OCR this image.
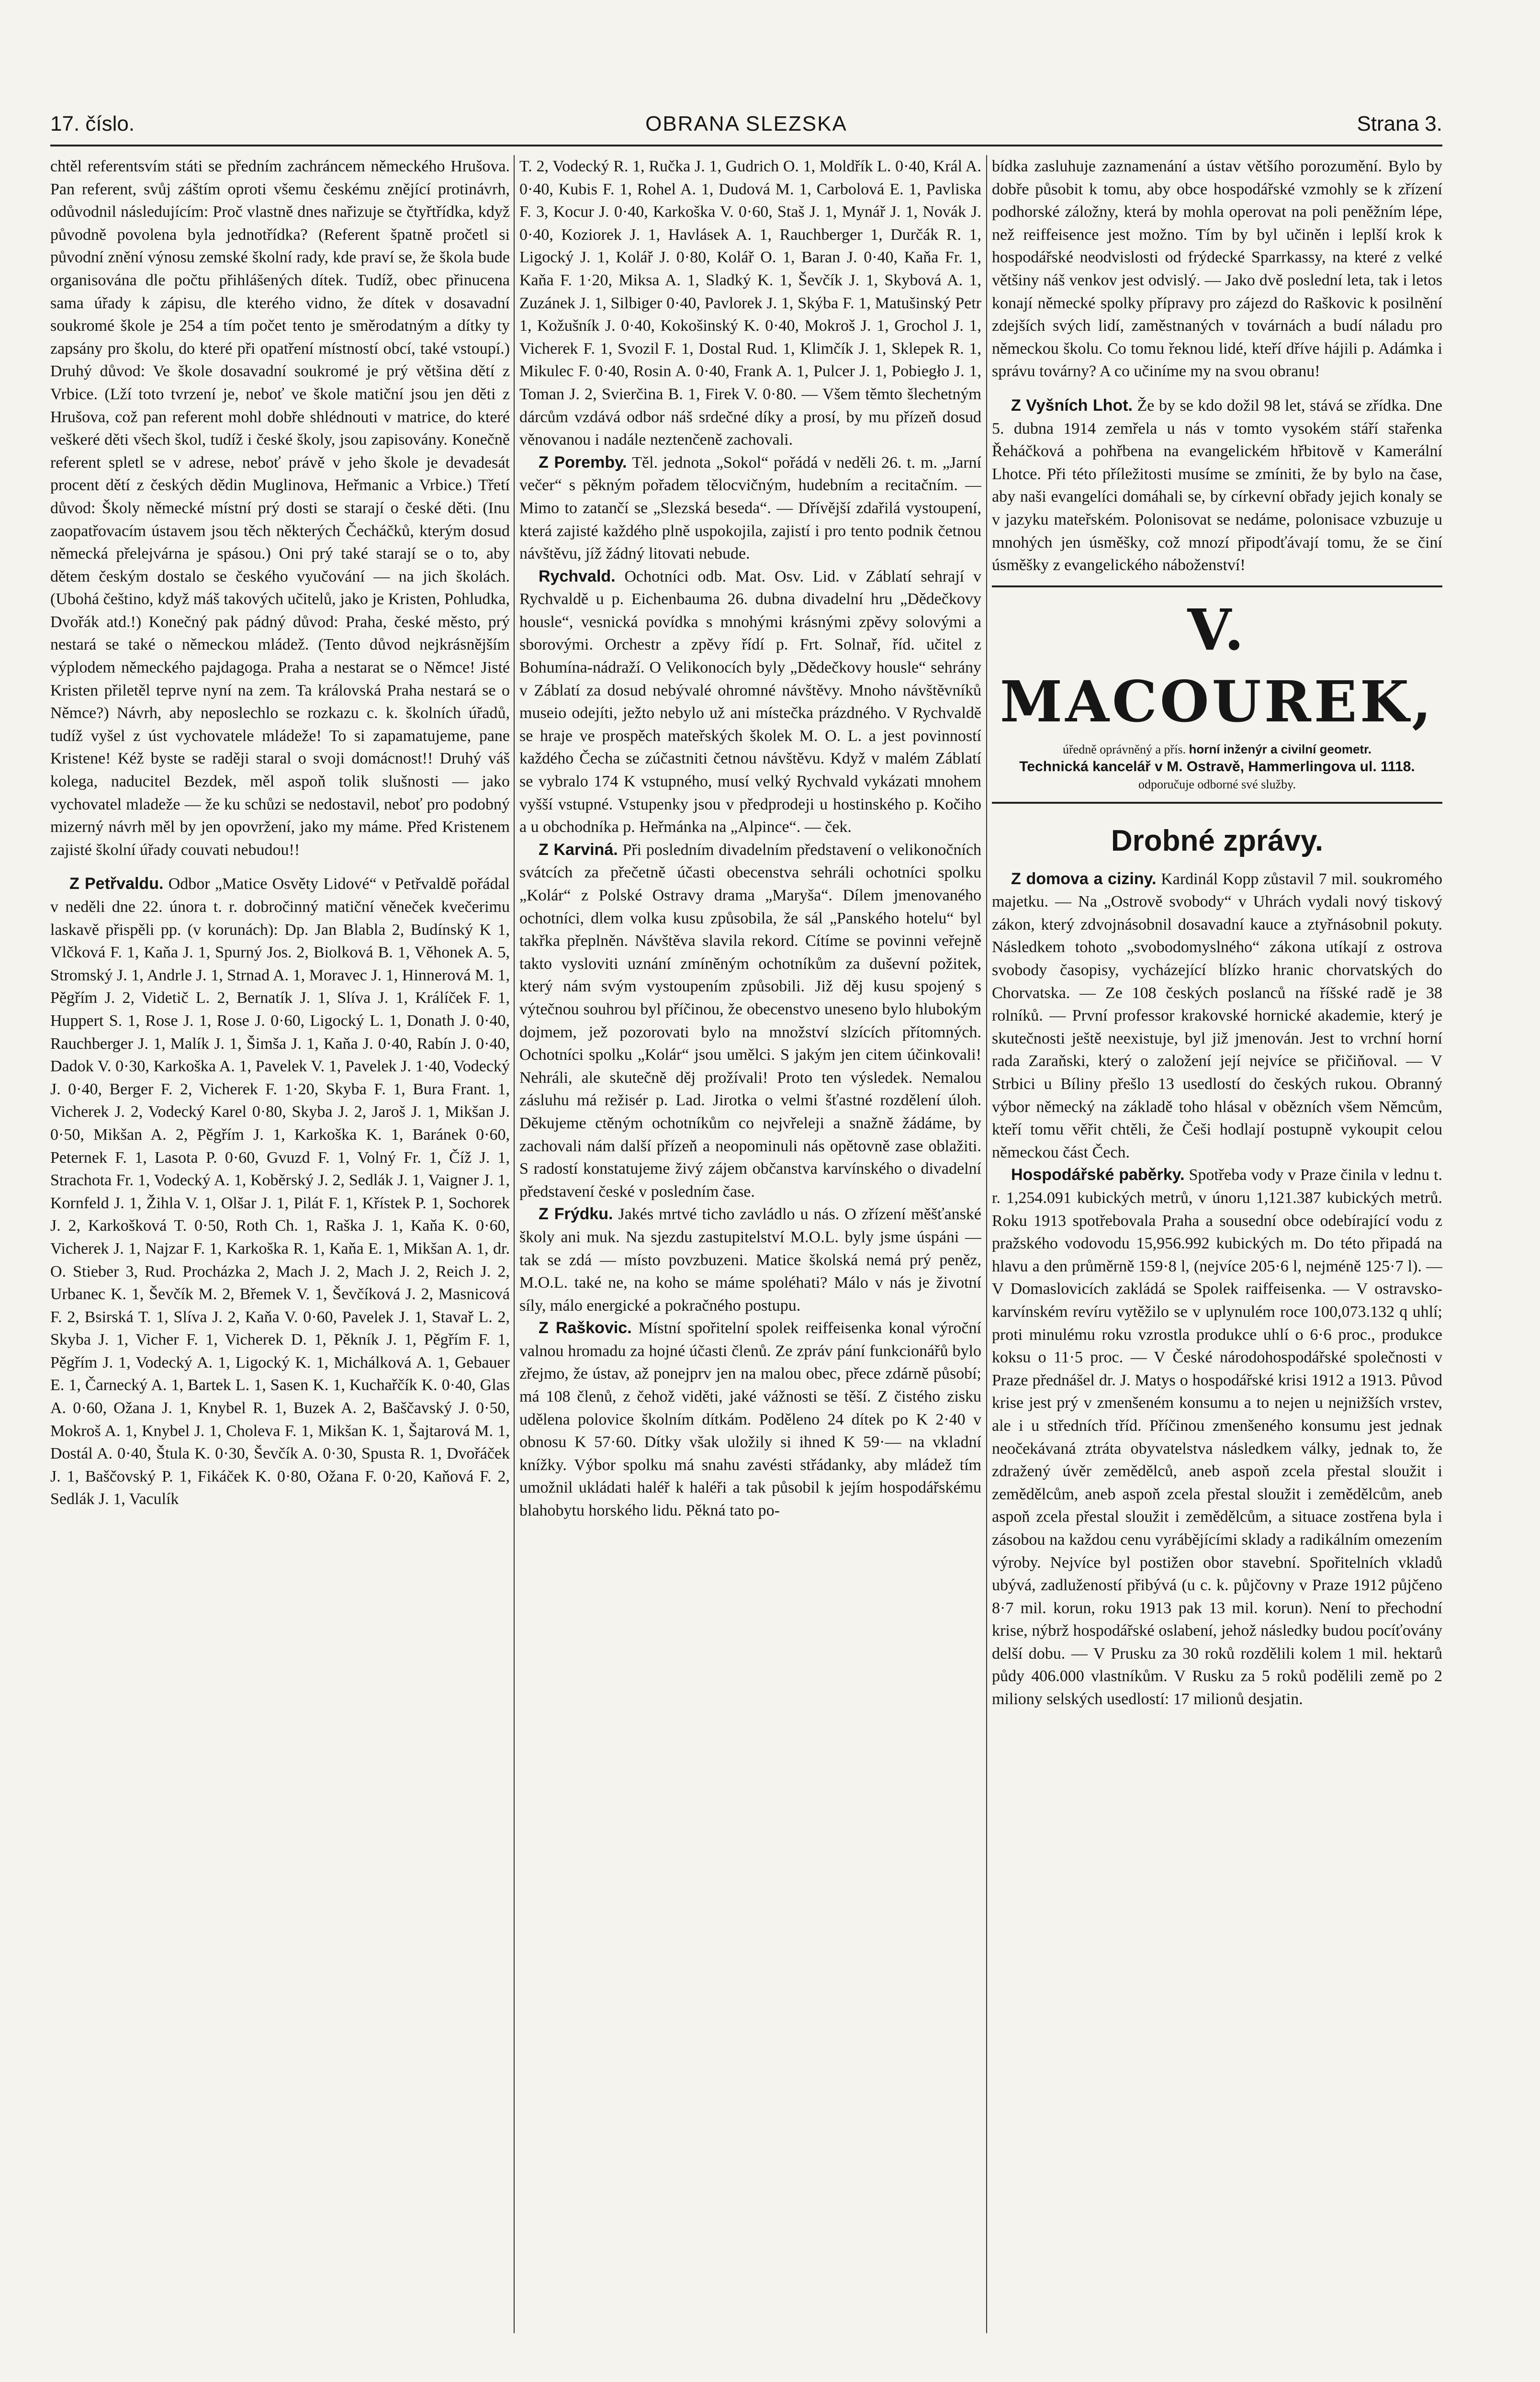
17. číslo.	OBRANA SLEZSKA	Strana 3.

chtěl referentsvím státi se předním zachráncem německého Hrušova. Pan referent, svůj záštím oproti všemu českému znějící protinávrh, odůvodnil následujícím: Proč vlastně dnes nařizuje se čtyřtřídka, když původně povolena byla jednotřídka? (Referent špatně pročetl si původní znění výnosu zemské školní rady, kde praví se, že škola bude organisována dle počtu přihlášených dítek. Tudíž, obec přinucena sama úřady k zápisu, dle kterého vidno, že dítek v dosavadní soukromé škole je 254 a tím počet tento je směrodatným a dítky ty zapsány pro školu, do které při opatření místností obcí, také vstoupí.) Druhý důvod: Ve škole dosavadní soukromé je prý většina dětí z Vrbice. (Lží toto tvrzení je, neboť ve škole matiční jsou jen děti z Hrušova, což pan referent mohl dobře shlédnouti v matrice, do které veškeré děti všech škol, tudíž i české školy, jsou zapisovány. Konečně referent spletl se v adrese, neboť právě v jeho škole je devadesát procent dětí z českých dědin Muglinova, Heřmanic a Vrbice.) Třetí důvod: Školy německé místní prý dosti se starají o české děti. (Inu zaopatřovacím ústavem jsou těch některých Čecháčků, kterým dosud německá přelejvárna je spásou.) Oni prý také starají se o to, aby dětem českým dostalo se českého vyučování — na jich školách. (Ubohá češtino, když máš takových učitelů, jako je Kristen, Pohludka, Dvořák atd.!) Konečný pak pádný důvod: Praha, české město, prý nestará se také o německou mládež. (Tento důvod nejkrásnějším výplodem německého pajdagoga. Praha a nestarat se o Němce! Jisté Kristen přiletěl teprve nyní na zem. Ta královská Praha nestará se o Němce?) Návrh, aby neposlechlo se rozkazu c. k. školních úřadů, tudíž vyšel z úst vychovatele mládeže! To si zapamatujeme, pane Kristene! Kéž byste se raději staral o svoji domácnost!! Druhý váš kolega, naducitel Bezdek, měl aspoň tolik slušnosti — jako vychovatel mladeže — že ku schůzi se nedostavil, neboť pro podobný mizerný návrh měl by jen opovržení, jako my máme. Před Kristenem zajisté školní úřady couvati nebudou!!

Z Petřvaldu. Odbor „Matice Osvěty Lidové“ v Petřvaldě pořádal v neděli dne 22. února t. r. dobročinný matiční věneček kvečerimu laskavě přispěli pp. (v korunách): Dp. Jan Blabla 2, Budínský K 1, Vlčková F. 1, Kaňa J. 1, Spurný Jos. 2, Biolková B. 1, Věhonek A. 5, Stromský J. 1, Andrle J. 1, Strnad A. 1, Moravec J. 1, Hinnerová M. 1, Pěgřím J. 2, Videtič L. 2, Bernatík J. 1, Slíva J. 1, Králíček F. 1, Huppert S. 1, Rose J. 1, Rose J. 0·60, Ligocký L. 1, Donath J. 0·40, Rauchberger J. 1, Malík J. 1, Šimša J. 1, Kaňa J. 0·40, Rabín J. 0·40, Dadok V. 0·30, Karkoška A. 1, Pavelek V. 1, Pavelek J. 1·40, Vodecký J. 0·40, Berger F. 2, Vicherek F. 1·20, Skyba F. 1, Bura Frant. 1, Vicherek J. 2, Vodecký Karel 0·80, Skyba J. 2, Jaroš J. 1, Mikšan J. 0·50, Mikšan A. 2, Pěgřím J. 1, Karkoška K. 1, Baránek 0·60, Peternek F. 1, Lasota P. 0·60, Gvuzd F. 1, Volný Fr. 1, Číž J. 1, Strachota Fr. 1, Vodecký A. 1, Koběrský J. 2, Sedlák J. 1, Vaigner J. 1, Kornfeld J. 1, Žihla V. 1, Olšar J. 1, Pilát F. 1, Křístek P. 1, Sochorek J. 2, Karkošková T. 0·50, Roth Ch. 1, Raška J. 1, Kaňa K. 0·60, Vicherek J. 1, Najzar F. 1, Karkoška R. 1, Kaňa E. 1, Mikšan A. 1, dr. O. Stieber 3, Rud. Procházka 2, Mach J. 2, Mach J. 2, Reich J. 2, Urbanec K. 1, Ševčík M. 2, Břemek V. 1, Ševčíková J. 2, Masnicová F. 2, Bsirská T. 1, Slíva J. 2, Kaňa V. 0·60, Pavelek J. 1, Stavař L. 2, Skyba J. 1, Vicher F. 1, Vicherek D. 1, Pěkník J. 1, Pěgřím F. 1, Pěgřím J. 1, Vodecký A. 1, Ligocký K. 1, Michálková A. 1, Gebauer E. 1, Čarnecký A. 1, Bartek L. 1, Sasen K. 1, Kuchařčík K. 0·40, Glas A. 0·60, Ožana J. 1, Knybel R. 1, Buzek A. 2, Baščavský J. 0·50, Mokroš A. 1, Knybel J. 1, Choleva F. 1, Mikšan K. 1, Šajtarová M. 1, Dostál A. 0·40, Štula K. 0·30, Ševčík A. 0·30, Spusta R. 1, Dvořáček J. 1, Baščovský P. 1, Fikáček K. 0·80, Ožana F. 0·20, Kaňová F. 2, Sedlák J. 1, Vaculík

T. 2, Vodecký R. 1, Ručka J. 1, Gudrich O. 1, Moldřík L. 0·40, Král A. 0·40, Kubis F. 1, Rohel A. 1, Dudová M. 1, Carbolová E. 1, Pavliska F. 3, Kocur J. 0·40, Karkoška V. 0·60, Staš J. 1, Mynář J. 1, Novák J. 0·40, Koziorek J. 1, Havlásek A. 1, Rauchberger 1, Durčák R. 1, Ligocký J. 1, Kolář J. 0·80, Kolář O. 1, Baran J. 0·40, Kaňa Fr. 1, Kaňa F. 1·20, Miksa A. 1, Sladký K. 1, Ševčík J. 1, Skybová A. 1, Zuzánek J. 1, Silbiger 0·40, Pavlorek J. 1, Skýba F. 1, Matušinský Petr 1, Kožušník J. 0·40, Kokošinský K. 0·40, Mokroš J. 1, Grochol J. 1, Vicherek F. 1, Svozil F. 1, Dostal Rud. 1, Klimčík J. 1, Sklepek R. 1, Mikulec F. 0·40, Rosin A. 0·40, Frank A. 1, Pulcer J. 1, Pobiegło J. 1, Toman J. 2, Svierčina B. 1, Firek V. 0·80. — Všem těmto šlechetným dárcům vzdává odbor náš srdečné díky a prosí, by mu přízeň dosud věnovanou i nadále neztenčeně zachovali.

Z Porembу. Těl. jednota „Sokol“ pořádá v neděli 26. t. m. „Jarní večer“ s pěkným pořadem tělocvičným, hudebním a recitačním. — Mimo to zatančí se „Slezská beseda“. — Dřívější zdařilá vystoupení, která zajisté každého plně uspokojila, zajistí i pro tento podnik četnou návštěvu, jíž žádný litovati nebude.

Rychvald. Ochotníci odb. Mat. Osv. Lid. v Záblatí sehrají v Rychvaldě u p. Eichenbauma 26. dubna divadelní hru „Dědečkovy housle“, vesnická povídka s mnohými krásnými zpěvy solovými a sborovými. Orchestr a zpěvy řídí p. Frt. Solnař, říd. učitel z Bohumína-nádraží. O Velikonocích byly „Dědečkovy housle“ sehrány v Záblatí za dosud nebývalé ohromné návštěvy. Mnoho návštěvníků museio odejíti, ježto nebylo už ani místečka prázdného. V Rychvaldě se hraje ve prospěch mateřských školek M. O. L. a jest povinností každého Čecha se zúčastniti četnou návštěvu. Když v malém Záblatí se vybralo 174 K vstupného, musí velký Rychvald vykázati mnohem vyšší vstupné. Vstupenky jsou v předprodeji u hostinského p. Kočiho a u obchodníka p. Heřmánka na „Alpince“. — ček.

Z Karviná. Při posledním divadelním představení o velikonočních svátcích za přečetně účasti obecenstva sehráli ochotníci spolku „Kolár“ z Polské Ostravy drama „Maryša“. Dílem jmenovaného ochotníci, dlem volka kusu způsobila, že sál „Panského hotelu“ byl takřka přeplněn. Návštěva slavila rekord. Cítíme se povinni veřejně takto vysloviti uznání zmíněným ochotníkům za duševní požitek, který nám svým vystoupením způsobili. Již děj kusu spojený s výtečnou souhrou byl příčinou, že obecenstvo uneseno bylo hlubokým dojmem, jež pozorovati bylo na množství slzících přítomných. Ochotníci spolku „Kolár“ jsou umělci. S jakým jen citem účinkovali! Nehráli, ale skutečně děj prožívali! Proto ten výsledek. Nemalou zásluhu má režisér p. Lad. Jirotka o velmi šťastné rozdělení úloh. Děkujeme ctěným ochotníkům co nejvřeleji a snažně žádáme, by zachovali nám další přízeň a neopominuli nás opětovně zase oblažiti. S radostí konstatujeme živý zájem občanstva karvínského o divadelní představení české v posledním čase.

Z Frýdku. Jakés mrtvé ticho zavládlo u nás. O zřízení měšťanské školy ani muk. Na sjezdu zastupitelství M.O.L. byly jsme úspáni — tak se zdá — místo povzbuzeni. Matice školská nemá prý peněz, M.O.L. také ne, na koho se máme spoléhati? Málo v nás je životní síly, málo energické a pokračného postupu.

Z Raškovic. Místní spořitelní spolek reiffeisenka konal výroční valnou hromadu za hojné účasti členů. Ze zpráv pání funkcionářů bylo zřejmo, že ústav, až ponejprv jen na malou obec, přece zdárně působí; má 108 členů, z čehož viděti, jaké vážnosti se těší. Z čistého zisku udělena polovice školním dítkám. Poděleno 24 dítek po K 2·40 v obnosu K 57·60. Dítky však uložily si ihned K 59·— na vkladní knížky. Výbor spolku má snahu zavésti střádanky, aby mládež tím umožnil ukládati haléř k haléři a tak působil k jejím hospodářskému blahobytu horského lidu. Pěkná tato po-

bídka zasluhuje zaznamenání a ústav většího porozumění. Bylo by dobře působit k tomu, aby obce hospodářské vzmohly se k zřízení podhorské záložny, která by mohla operovat na poli peněžním lépe, než reiffeisence jest možno. Tím by byl učiněn i leplší krok k hospodářské neodvislosti od frýdecké Sparrkassy, na které z velké většiny náš venkov jest odvislý. — Jako dvě poslední leta, tak i letos konají německé spolky přípravy pro zájezd do Raškovic k posilnění zdejších svých lidí, zaměstnaných v továrnách a budí náladu pro německou školu. Co tomu řeknou lidé, kteří dříve hájili p. Adámka i správu továrny? A co učiníme my na svou obranu!

Z Vyšních Lhot. Že by se kdo dožil 98 let, stává se zřídka. Dne 5. dubna 1914 zemřela u nás v tomto vysokém stáří stařenka Řeháčková a pohřbena na evangelickém hřbitově v Kamerální Lhotce. Při této příležitosti musíme se zmíniti, že by bylo na čase, aby naši evangelíci domáhali se, by církevní obřady jejich konaly se v jazyku mateřském. Polonisovat se nedáme, polonisace vzbuzuje u mnohých jen úsměšky, což mnozí připodťávají tomu, že se činí úsměšky z evangelického náboženství!

V. MACOUREK,
úředně oprávněný a přís. horní inženýr a civilní geometr.
Technická kancelář v M. Ostravě, Hammerlingova ul. 1118.
odporučuje odborné své služby.
Drobné zprávy.

Z domova a ciziny. Kardinál Kopp zůstavil 7 mil. soukromého majetku. — Na „Ostrově svobody“ v Uhrách vydali nový tiskový zákon, který zdvojnásobnil dosavadní kauce a ztyřnásobnil pokuty. Následkem tohoto „svobodomyslného“ zákona utíkají z ostrova svobody časopisy, vycházející blízko hranic chorvatských do Chorvatska. — Ze 108 českých poslanců na říšské radě je 38 rolníků. — První professor krakovské hornické akademie, který je skutečnosti ještě neexistuje, byl již jmenován. Jest to vrchní horní rada Zaraňski, který o založení její nejvíce se přičiňoval. — V Strbici u Bíliny přešlo 13 usedlostí do českých rukou. Obranný výbor německý na základě toho hlásal v obězních všem Němcům, kteří tomu věřit chtěli, že Češi hodlají postupně vykoupit celou německou část Čech.

Hospodářské paběrky. Spotřeba vody v Praze činila v lednu t. r. 1,254.091 kubických metrů, v únoru 1,121.387 kubických metrů. Roku 1913 spotřebovala Praha a sousední obce odebírající vodu z pražského vodovodu 15,956.992 kubických m. Do této připadá na hlavu a den průměrně 159·8 l, (nejvíce 205·6 l, nejméně 125·7 l). — V Domaslovicích zakládá se Spolek raiffeisenka. — V ostravsko-karvínském revíru vytěžilo se v uplynulém roce 100,073.132 q uhlí; proti minulému roku vzrostla produkce uhlí o 6·6 proc., produkce koksu o 11·5 proc. — V České národohospodářské společnosti v Praze přednášel dr. J. Matys o hospodářské krisi 1912 a 1913. Původ krise jest prý v zmenšeném konsumu a to nejen u nejnižších vrstev, ale i u středních tříd. Příčinou zmenšeného konsumu jest jednak neočekávaná ztráta obyvatelstva následkem války, jednak to, že zdražený úvěr zemědělců, aneb aspoň zcela přestal sloužit i zemědělcům, aneb aspoň zcela přestal sloužit i zemědělcům, aneb aspoň zcela přestal sloužit i zemědělcům, a situace zostřena byla i zásobou na každou cenu vyrábějícími sklady a radikálním omezením výroby. Nejvíce byl postižen obor stavební. Spořitelních vkladů ubývá, zadlužeností přibývá (u c. k. půjčovny v Praze 1912 půjčeno 8·7 mil. korun, roku 1913 pak 13 mil. korun). Není to přechodní krise, nýbrž hospodářské oslabení, jehož následky budou pocíťovány delší dobu. — V Prusku za 30 roků rozdělili kolem 1 mil. hektarů půdy 406.000 vlastníkům. V Rusku za 5 roků podělili země po 2 miliony selských usedlostí: 17 milionů desjatin.
